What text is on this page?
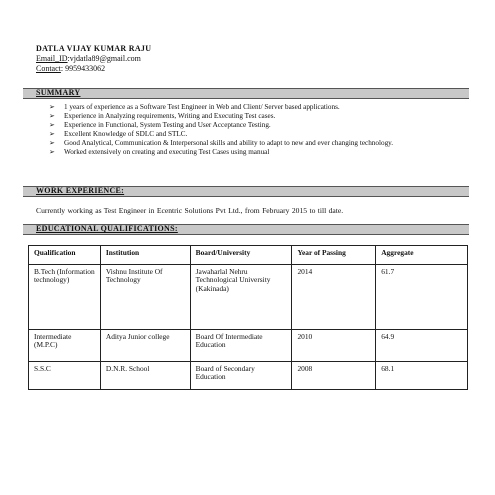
DATLA VIJAY KUMAR RAJU
Email_ID:vjdatla89@gmail.com
Contact: 9959433062
SUMMARY
➢ 1 years of experience as a Software Test Engineer in Web and Client/ Server based applications.
➢ Experience in Analyzing requirements, Writing and Executing Test cases.
➢ Experience in Functional, System Testing and User Acceptance Testing.
➢ Excellent Knowledge of SDLC and STLC.
➢ Good Analytical, Communication & Interpersonal skills and ability to adapt to new and ever changing technology.
➢ Worked extensively on creating and executing Test Cases using manual
WORK EXPERIENCE:
Currently working as Test Engineer in Ecentric Solutions Pvt Ltd., from February 2015 to till date.
EDUCATIONAL QUALIFICATIONS:
Qualification	Institution	Board/University	Year of Passing	Aggregate
B.Tech (Information technology)	Vishnu Institute Of Technology	Jawaharlal Nehru Technological University (Kakinada)	2014	61.7
Intermediate (M.P.C)	Aditya Junior college	Board Of Intermediate Education	2010	64.9
S.S.C	D.N.R. School	Board of Secondary Education	2008	68.1
